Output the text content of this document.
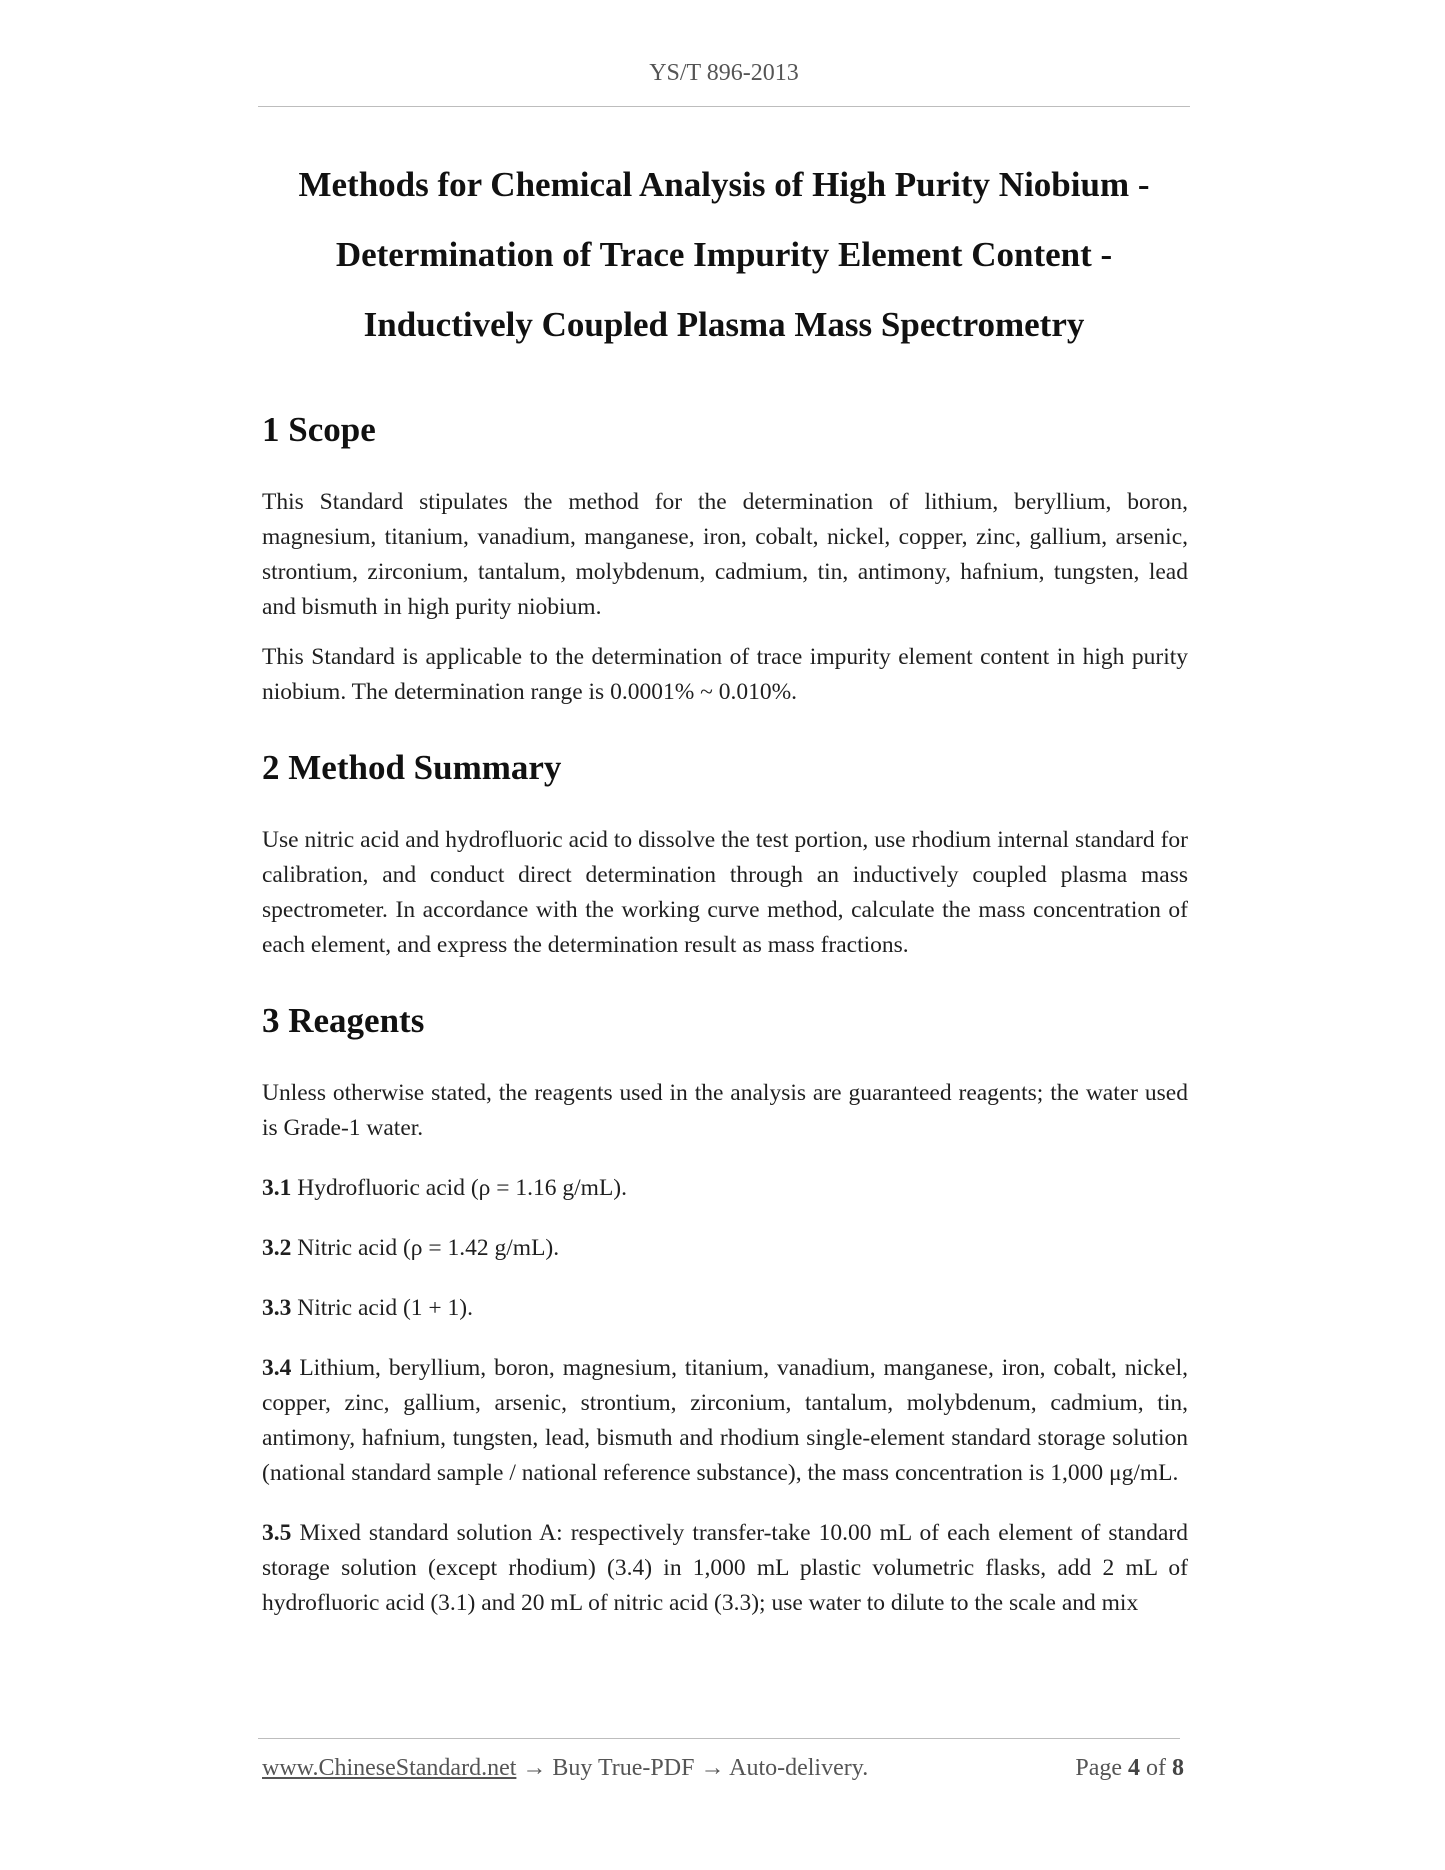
YS/T 896-2013
Methods for Chemical Analysis of High Purity Niobium -
Determination of Trace Impurity Element Content -
Inductively Coupled Plasma Mass Spectrometry
1 Scope

This Standard stipulates the method for the determination of lithium, beryllium, boron, magnesium, titanium, vanadium, manganese, iron, cobalt, nickel, copper, zinc, gallium, arsenic, strontium, zirconium, tantalum, molybdenum, cadmium, tin, antimony, hafnium, tungsten, lead and bismuth in high purity niobium.

This Standard is applicable to the determination of trace impurity element content in high purity niobium. The determination range is 0.0001% ~ 0.010%.

2 Method Summary

Use nitric acid and hydrofluoric acid to dissolve the test portion, use rhodium internal standard for calibration, and conduct direct determination through an inductively coupled plasma mass spectrometer. In accordance with the working curve method, calculate the mass concentration of each element, and express the determination result as mass fractions.

3 Reagents

Unless otherwise stated, the reagents used in the analysis are guaranteed reagents; the water used is Grade-1 water.

3.1 Hydrofluoric acid (ρ = 1.16 g/mL).

3.2 Nitric acid (ρ = 1.42 g/mL).

3.3 Nitric acid (1 + 1).

3.4 Lithium, beryllium, boron, magnesium, titanium, vanadium, manganese, iron, cobalt, nickel, copper, zinc, gallium, arsenic, strontium, zirconium, tantalum, molybdenum, cadmium, tin, antimony, hafnium, tungsten, lead, bismuth and rhodium single-element standard storage solution (national standard sample / national reference substance), the mass concentration is 1,000 μg/mL.

3.5 Mixed standard solution A: respectively transfer-take 10.00 mL of each element of standard storage solution (except rhodium) (3.4) in 1,000 mL plastic volumetric flasks, add 2 mL of hydrofluoric acid (3.1) and 20 mL of nitric acid (3.3); use water to dilute to the scale and mix

www.ChineseStandard.net → Buy True-PDF → Auto-delivery.	Page 4 of 8
